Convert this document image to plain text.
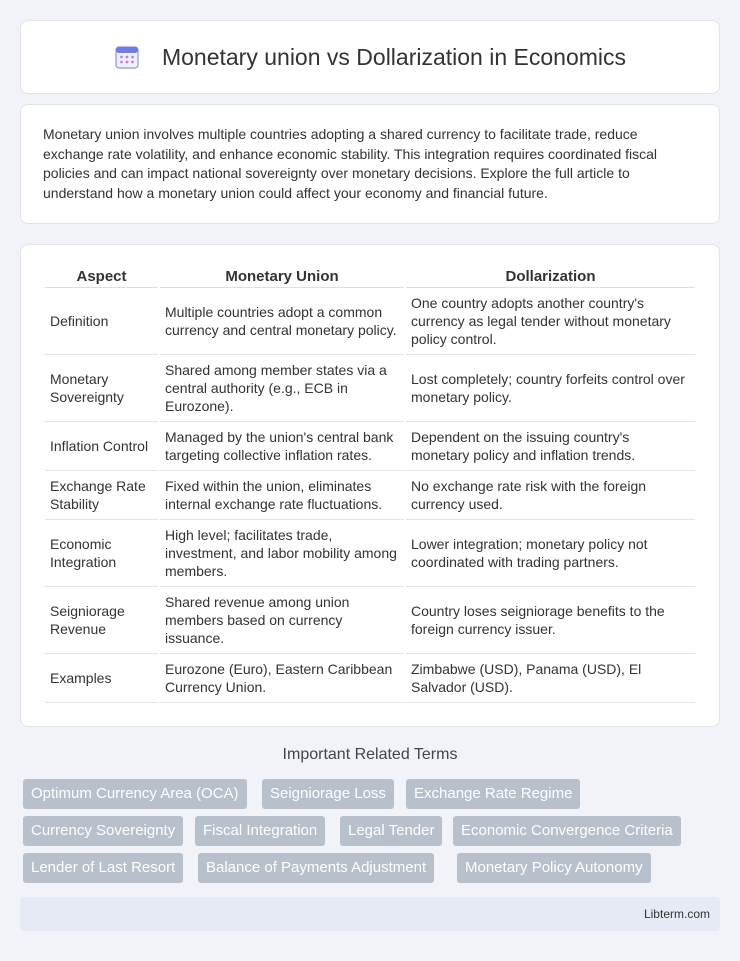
Monetary union vs Dollarization in Economics

Monetary union involves multiple countries adopting a shared currency to facilitate trade, reduce exchange rate volatility, and enhance economic stability. This integration requires coordinated fiscal policies and can impact national sovereignty over monetary decisions. Explore the full article to understand how a monetary union could affect your economy and financial future.

Aspect	Monetary Union	Dollarization
Definition	Multiple countries adopt a common currency and central monetary policy.	One country adopts another country's currency as legal tender without monetary policy control.
Monetary Sovereignty	Shared among member states via a central authority (e.g., ECB in Eurozone).	Lost completely; country forfeits control over monetary policy.
Inflation Control	Managed by the union's central bank targeting collective inflation rates.	Dependent on the issuing country's monetary policy and inflation trends.
Exchange Rate Stability	Fixed within the union, eliminates internal exchange rate fluctuations.	No exchange rate risk with the foreign currency used.
Economic Integration	High level; facilitates trade, investment, and labor mobility among members.	Lower integration; monetary policy not coordinated with trading partners.
Seigniorage Revenue	Shared revenue among union members based on currency issuance.	Country loses seigniorage benefits to the foreign currency issuer.
Examples	Eurozone (Euro), Eastern Caribbean Currency Union.	Zimbabwe (USD), Panama (USD), El Salvador (USD).
Important Related Terms
Optimum Currency Area (OCA)	Seigniorage Loss	Exchange Rate Regime
Currency Sovereignty	Fiscal Integration	Legal Tender	Economic Convergence Criteria
Lender of Last Resort	Balance of Payments Adjustment	Monetary Policy Autonomy
Libterm.com
